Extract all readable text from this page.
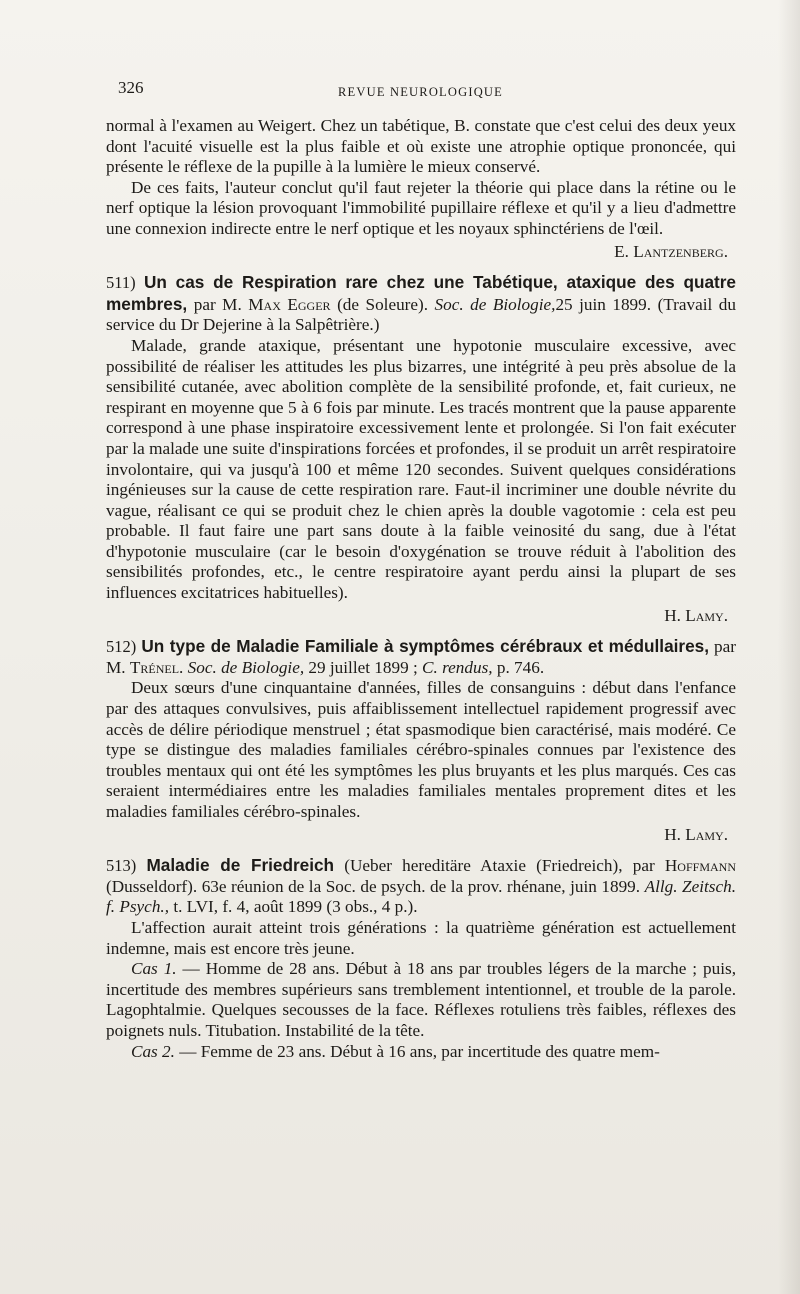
326	REVUE NEUROLOGIQUE

normal à l'examen au Weigert. Chez un tabétique, B. constate que c'est celui des deux yeux dont l'acuité visuelle est la plus faible et où existe une atrophie optique prononcée, qui présente le réflexe de la pupille à la lumière le mieux conservé.

De ces faits, l'auteur conclut qu'il faut rejeter la théorie qui place dans la rétine ou le nerf optique la lésion provoquant l'immobilité pupillaire réflexe et qu'il y a lieu d'admettre une connexion indirecte entre le nerf optique et les noyaux sphinctériens de l'œil.

E. Lantzenberg.

511) Un cas de Respiration rare chez une Tabétique, ataxique des quatre membres, par M. Max Egger (de Soleure). Soc. de Biologie,25 juin 1899. (Travail du service du Dr Dejerine à la Salpêtrière.)

Malade, grande ataxique, présentant une hypotonie musculaire excessive, avec possibilité de réaliser les attitudes les plus bizarres, une intégrité à peu près absolue de la sensibilité cutanée, avec abolition complète de la sensibilité profonde, et, fait curieux, ne respirant en moyenne que 5 à 6 fois par minute. Les tracés montrent que la pause apparente correspond à une phase inspiratoire excessivement lente et prolongée. Si l'on fait exécuter par la malade une suite d'inspirations forcées et profondes, il se produit un arrêt respiratoire involontaire, qui va jusqu'à 100 et même 120 secondes. Suivent quelques considérations ingénieuses sur la cause de cette respiration rare. Faut-il incriminer une double névrite du vague, réalisant ce qui se produit chez le chien après la double vagotomie : cela est peu probable. Il faut faire une part sans doute à la faible veinosité du sang, due à l'état d'hypotonie musculaire (car le besoin d'oxygénation se trouve réduit à l'abolition des sensibilités profondes, etc., le centre respiratoire ayant perdu ainsi la plupart de ses influences excitatrices habituelles).

H. Lamy.

512) Un type de Maladie Familiale à symptômes cérébraux et médullaires, par M. Trénel. Soc. de Biologie, 29 juillet 1899 ; C. rendus, p. 746.

Deux sœurs d'une cinquantaine d'années, filles de consanguins : début dans l'enfance par des attaques convulsives, puis affaiblissement intellectuel rapidement progressif avec accès de délire périodique menstruel ; état spasmodique bien caractérisé, mais modéré. Ce type se distingue des maladies familiales cérébro-spinales connues par l'existence des troubles mentaux qui ont été les symptômes les plus bruyants et les plus marqués. Ces cas seraient intermédiaires entre les maladies familiales mentales proprement dites et les maladies familiales cérébro-spinales.

H. Lamy.

513) Maladie de Friedreich (Ueber hereditäre Ataxie (Friedreich), par Hoffmann (Dusseldorf). 63e réunion de la Soc. de psych. de la prov. rhénane, juin 1899. Allg. Zeitsch. f. Psych., t. LVI, f. 4, août 1899 (3 obs., 4 p.).

L'affection aurait atteint trois générations : la quatrième génération est actuellement indemne, mais est encore très jeune.

Cas 1. — Homme de 28 ans. Début à 18 ans par troubles légers de la marche ; puis, incertitude des membres supérieurs sans tremblement intentionnel, et trouble de la parole. Lagophtalmie. Quelques secousses de la face. Réflexes rotuliens très faibles, réflexes des poignets nuls. Titubation. Instabilité de la tête.

Cas 2. — Femme de 23 ans. Début à 16 ans, par incertitude des quatre mem-
